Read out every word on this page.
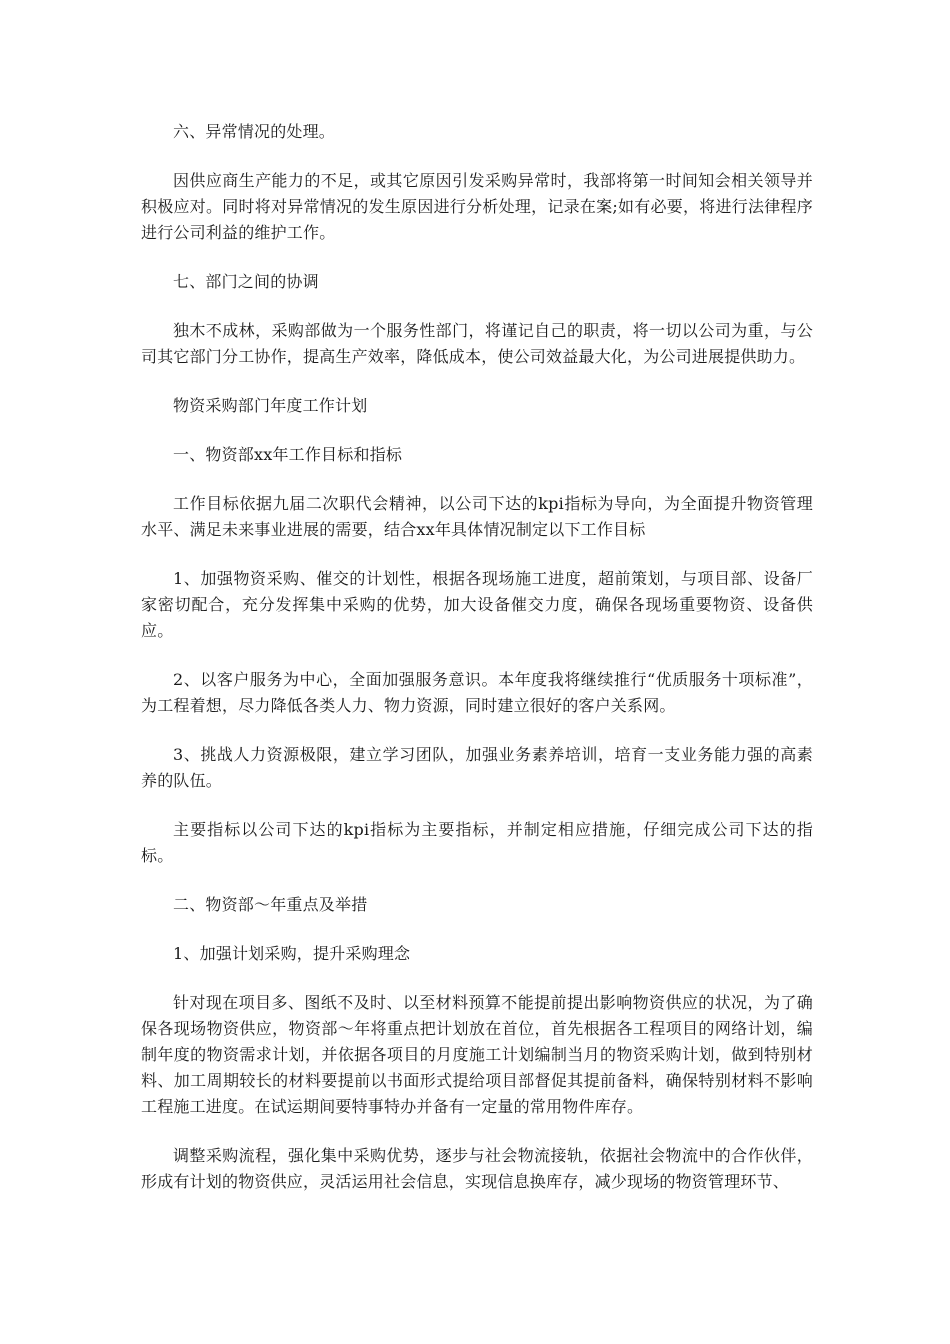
六、异常情况的处理。

因供应商生产能力的不足，或其它原因引发采购异常时，我部将第一时间知会相关领导并积极应对。同时将对异常情况的发生原因进行分析处理，记录在案;如有必要，将进行法律程序进行公司利益的维护工作。

七、部门之间的协调

独木不成林，采购部做为一个服务性部门，将谨记自己的职责，将一切以公司为重，与公司其它部门分工协作，提高生产效率，降低成本，使公司效益最大化，为公司进展提供助力。

物资采购部门年度工作计划

一、物资部xx年工作目标和指标

工作目标依据九届二次职代会精神，以公司下达的kpi指标为导向，为全面提升物资管理水平、满足未来事业进展的需要，结合xx年具体情况制定以下工作目标

1、加强物资采购、催交的计划性，根据各现场施工进度，超前策划，与项目部、设备厂家密切配合，充分发挥集中采购的优势，加大设备催交力度，确保各现场重要物资、设备供应。

2、以客户服务为中心，全面加强服务意识。本年度我将继续推行“优质服务十项标准”，为工程着想，尽力降低各类人力、物力资源，同时建立很好的客户关系网。

3、挑战人力资源极限，建立学习团队，加强业务素养培训，培育一支业务能力强的高素养的队伍。

主要指标以公司下达的kpi指标为主要指标，并制定相应措施，仔细完成公司下达的指标。

二、物资部～年重点及举措

1、加强计划采购，提升采购理念

针对现在项目多、图纸不及时、以至材料预算不能提前提出影响物资供应的状况，为了确保各现场物资供应，物资部～年将重点把计划放在首位，首先根据各工程项目的网络计划，编制年度的物资需求计划，并依据各项目的月度施工计划编制当月的物资采购计划，做到特别材料、加工周期较长的材料要提前以书面形式提给项目部督促其提前备料，确保特别材料不影响工程施工进度。在试运期间要特事特办并备有一定量的常用物件库存。

调整采购流程，强化集中采购优势，逐步与社会物流接轨，依据社会物流中的合作伙伴，形成有计划的物资供应，灵活运用社会信息，实现信息换库存，减少现场的物资管理环节、
